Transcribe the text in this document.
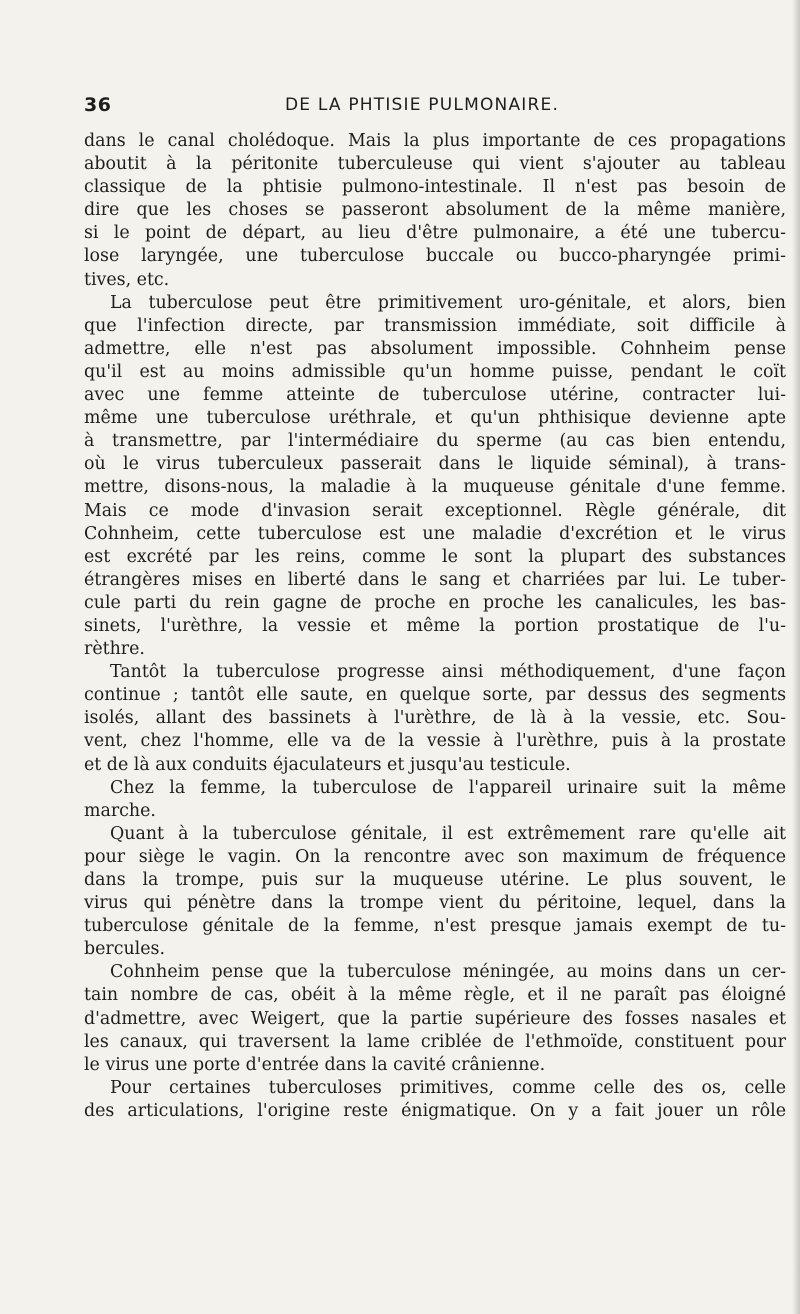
36	DE LA PHTISIE PULMONAIRE.
dans le canal cholédoque. Mais la plus importante de ces propagations
aboutit à la péritonite tuberculeuse qui vient s'ajouter au tableau
classique de la phtisie pulmono-intestinale. Il n'est pas besoin de
dire que les choses se passeront absolument de la même manière,
si le point de départ, au lieu d'être pulmonaire, a été une tubercu-
lose laryngée, une tuberculose buccale ou bucco-pharyngée primi-
tives, etc.
La tuberculose peut être primitivement uro-génitale, et alors, bien
que l'infection directe, par transmission immédiate, soit difficile à
admettre, elle n'est pas absolument impossible. Cohnheim pense
qu'il est au moins admissible qu'un homme puisse, pendant le coït
avec une femme atteinte de tuberculose utérine, contracter lui-
même une tuberculose uréthrale, et qu'un phthisique devienne apte
à transmettre, par l'intermédiaire du sperme (au cas bien entendu,
où le virus tuberculeux passerait dans le liquide séminal), à trans-
mettre, disons-nous, la maladie à la muqueuse génitale d'une femme.
Mais ce mode d'invasion serait exceptionnel. Règle générale, dit
Cohnheim, cette tuberculose est une maladie d'excrétion et le virus
est excrété par les reins, comme le sont la plupart des substances
étrangères mises en liberté dans le sang et charriées par lui. Le tuber-
cule parti du rein gagne de proche en proche les canalicules, les bas-
sinets, l'urèthre, la vessie et même la portion prostatique de l'u-
rèthre.
Tantôt la tuberculose progresse ainsi méthodiquement, d'une façon
continue ; tantôt elle saute, en quelque sorte, par dessus des segments
isolés, allant des bassinets à l'urèthre, de là à la vessie, etc. Sou-
vent, chez l'homme, elle va de la vessie à l'urèthre, puis à la prostate
et de là aux conduits éjaculateurs et jusqu'au testicule.
Chez la femme, la tuberculose de l'appareil urinaire suit la même
marche.
Quant à la tuberculose génitale, il est extrêmement rare qu'elle ait
pour siège le vagin. On la rencontre avec son maximum de fréquence
dans la trompe, puis sur la muqueuse utérine. Le plus souvent, le
virus qui pénètre dans la trompe vient du péritoine, lequel, dans la
tuberculose génitale de la femme, n'est presque jamais exempt de tu-
bercules.
Cohnheim pense que la tuberculose méningée, au moins dans un cer-
tain nombre de cas, obéit à la même règle, et il ne paraît pas éloigné
d'admettre, avec Weigert, que la partie supérieure des fosses nasales et
les canaux, qui traversent la lame criblée de l'ethmoïde, constituent pour
le virus une porte d'entrée dans la cavité crânienne.
Pour certaines tuberculoses primitives, comme celle des os, celle
des articulations, l'origine reste énigmatique. On y a fait jouer un rôle
